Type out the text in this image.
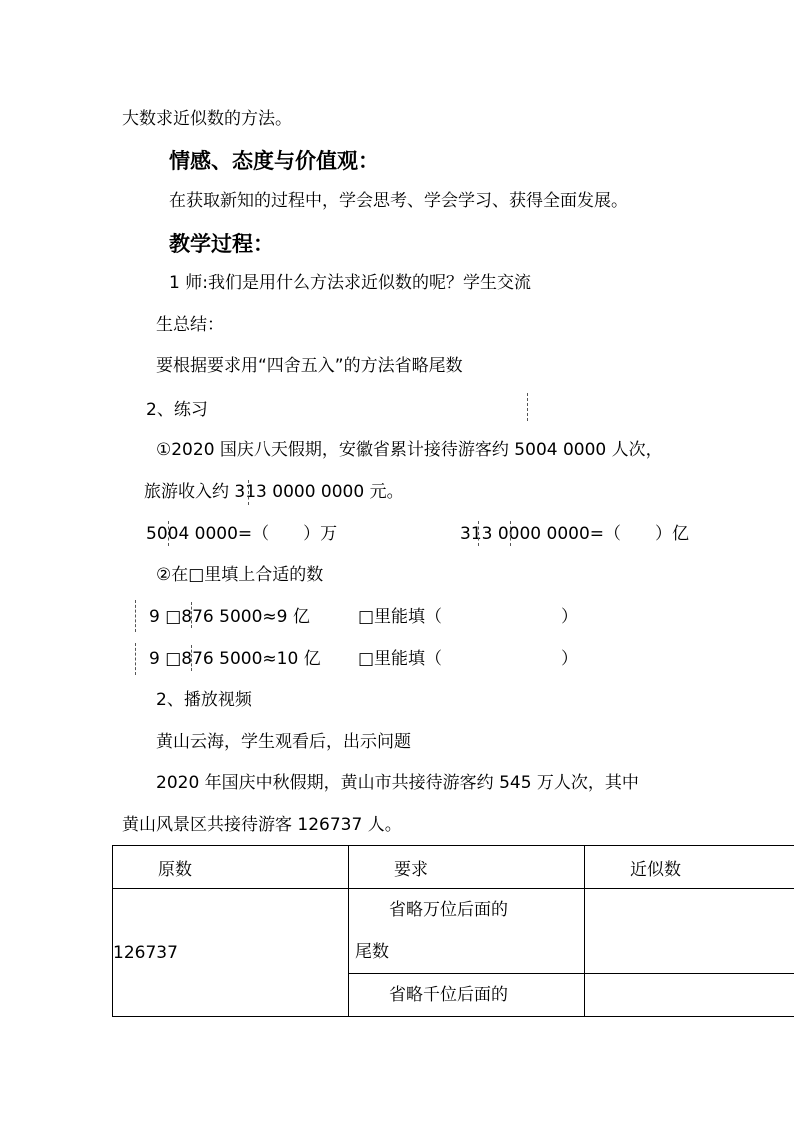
大数求近似数的方法。
情感、态度与价值观：
在获取新知的过程中，学会思考、学会学习、获得全面发展。
教学过程：
1 师:我们是用什么方法求近似数的呢？学生交流
生总结：
要根据要求用“四舍五入”的方法省略尾数
2、练习
①2020 国庆八天假期，安徽省累计接待游客约 5004 0000 人次，
旅游收入约 313 0000 0000 元。
5004 0000=（　　）万	313 0000 0000=（　　）亿
②在□里填上合适的数
9 □876 5000≈9 亿	□里能填（　　　　　　　）
9 □876 5000≈10 亿 □里能填（　　　　　　　）
2、播放视频
黄山云海，学生观看后，出示问题
2020 年国庆中秋假期，黄山市共接待游客约 545 万人次，其中
黄山风景区共接待游客 126737 人。
原数	要求	近似数
126737	省略万位后面的
尾数	

	省略千位后面的	
